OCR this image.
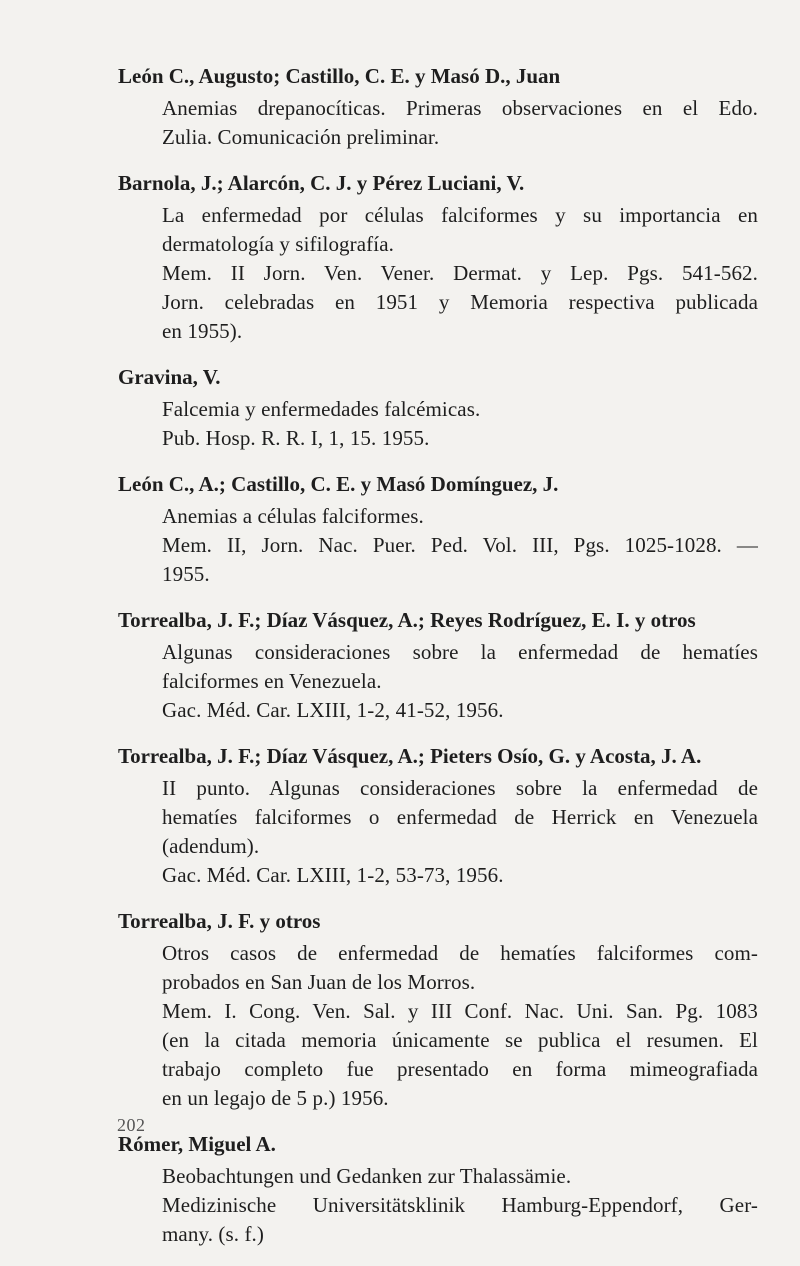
León C., Augusto; Castillo, C. E. y Masó D., Juan
Anemias drepanocíticas. Primeras observaciones en el Edo.
Zulia. Comunicación preliminar.
Barnola, J.; Alarcón, C. J. y Pérez Luciani, V.
La enfermedad por células falciformes y su importancia en
dermatología y sifilografía.
Mem. II Jorn. Ven. Vener. Dermat. y Lep. Pgs. 541-562.
Jorn. celebradas en 1951 y Memoria respectiva publicada
en 1955).
Gravina, V.
Falcemia y enfermedades falcémicas.
Pub. Hosp. R. R. I, 1, 15. 1955.
León C., A.; Castillo, C. E. y Masó Domínguez, J.
Anemias a células falciformes.
Mem. II, Jorn. Nac. Puer. Ped. Vol. III, Pgs. 1025-1028. —
1955.
Torrealba, J. F.; Díaz Vásquez, A.; Reyes Rodríguez, E. I. y otros
Algunas consideraciones sobre la enfermedad de hematíes
falciformes en Venezuela.
Gac. Méd. Car. LXIII, 1-2, 41-52, 1956.
Torrealba, J. F.; Díaz Vásquez, A.; Pieters Osío, G. y Acosta, J. A.
II punto. Algunas consideraciones sobre la enfermedad de
hematíes falciformes o enfermedad de Herrick en Venezuela
(adendum).
Gac. Méd. Car. LXIII, 1-2, 53-73, 1956.
Torrealba, J. F. y otros
Otros casos de enfermedad de hematíes falciformes com-
probados en San Juan de los Morros.
Mem. I. Cong. Ven. Sal. y III Conf. Nac. Uni. San. Pg. 1083
(en la citada memoria únicamente se publica el resumen. El
trabajo completo fue presentado en forma mimeografiada
en un legajo de 5 p.) 1956.
Rómer, Miguel A.
Beobachtungen und Gedanken zur Thalassämie.
Medizinische Universitätsklinik Hamburg-Eppendorf, Ger-
many. (s. f.)
202
